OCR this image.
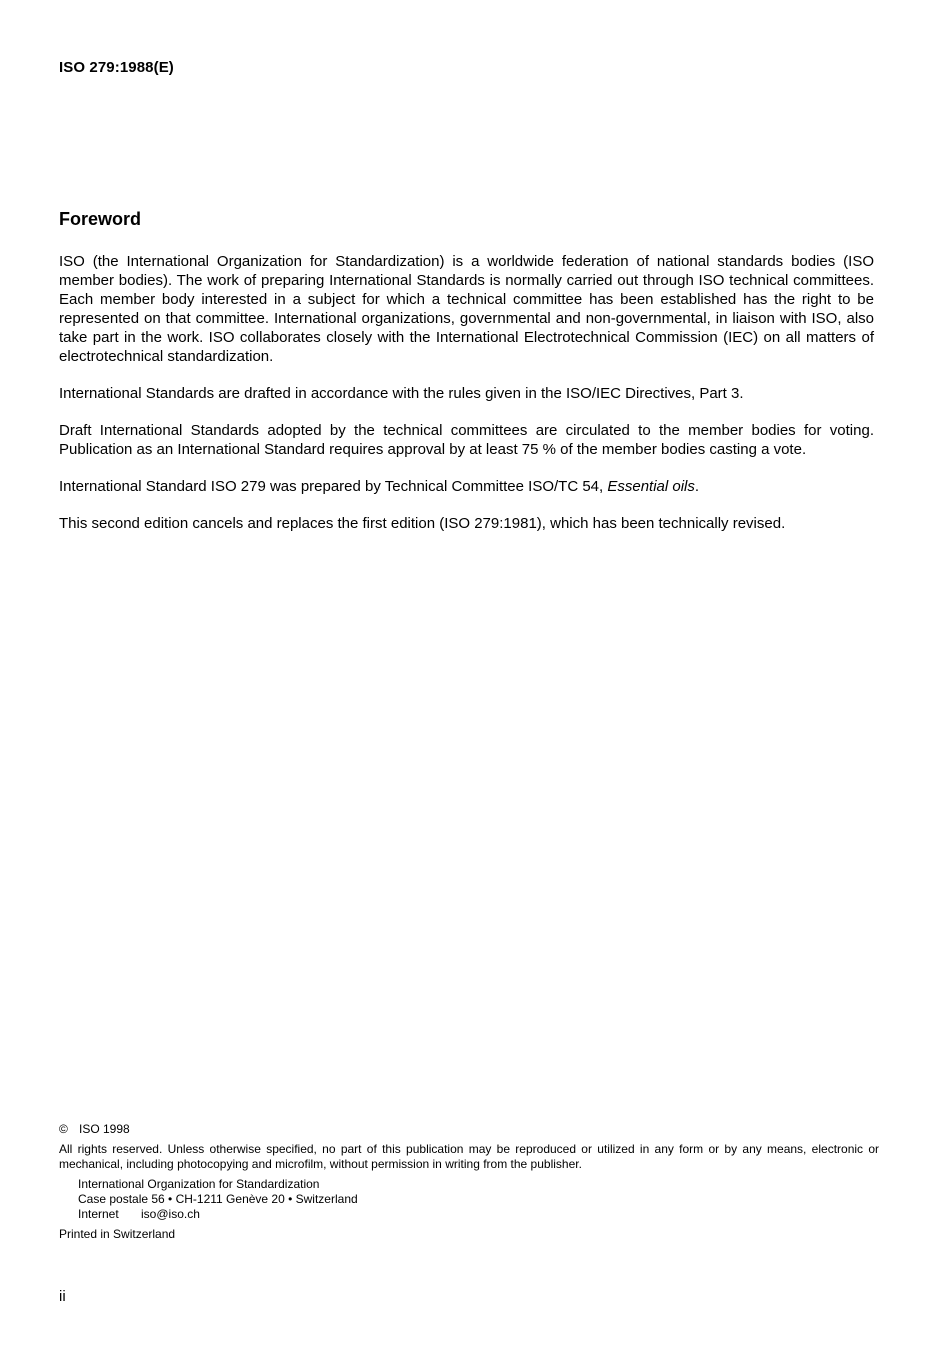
ISO 279:1988(E)
Foreword

ISO (the International Organization for Standardization) is a worldwide federation of national standards bodies (ISO member bodies). The work of preparing International Standards is normally carried out through ISO technical committees. Each member body interested in a subject for which a technical committee has been established has the right to be represented on that committee. International organizations, governmental and non-governmental, in liaison with ISO, also take part in the work. ISO collaborates closely with the International Electrotechnical Commission (IEC) on all matters of electrotechnical standardization.

International Standards are drafted in accordance with the rules given in the ISO/IEC Directives, Part 3.

Draft International Standards adopted by the technical committees are circulated to the member bodies for voting. Publication as an International Standard requires approval by at least 75 % of the member bodies casting a vote.

International Standard ISO 279 was prepared by Technical Committee ISO/TC 54, Essential oils.

This second edition cancels and replaces the first edition (ISO 279:1981), which has been technically revised.

© ISO 1998
All rights reserved. Unless otherwise specified, no part of this publication may be reproduced or utilized in any form or by any means, electronic or mechanical, including photocopying and microfilm, without permission in writing from the publisher.
International Organization for Standardization
Case postale 56 • CH-1211 Genève 20 • Switzerland
Internet iso@iso.ch
Printed in Switzerland
ii
